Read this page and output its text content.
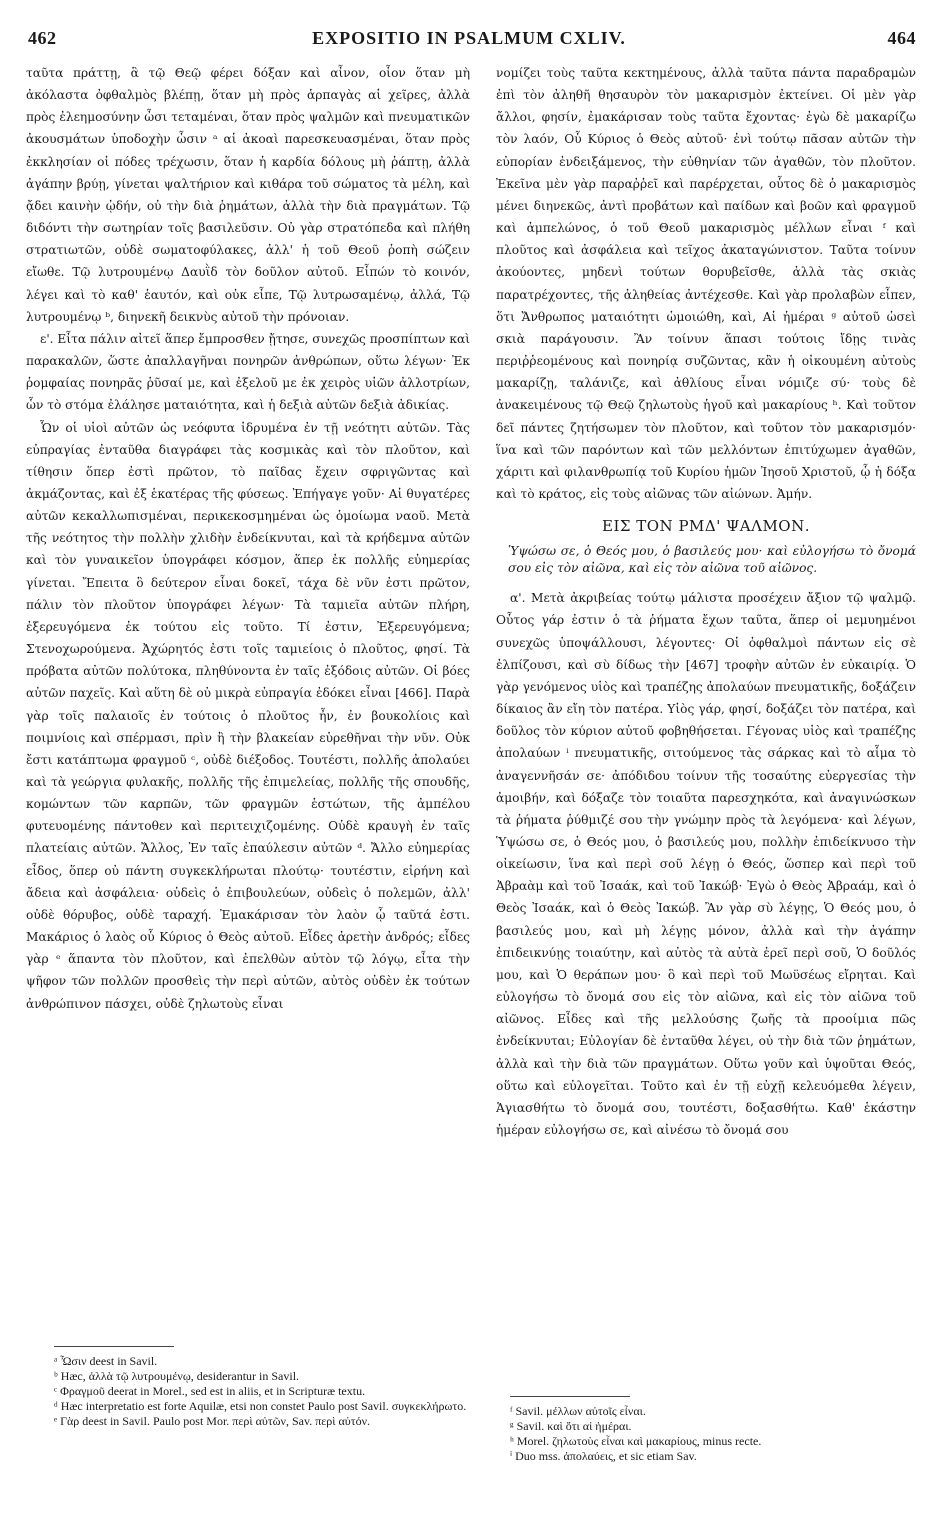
462	EXPOSITIO IN PSALMUM CXLIV.	464

ταῦτα πράττῃ, ἃ τῷ Θεῷ φέρει δόξαν καὶ αἶνον, οἷον ὅταν μὴ ἀκόλαστα ὀφθαλμὸς βλέπῃ, ὅταν μὴ πρὸς ἁρπαγὰς αἱ χεῖρες, ἀλλὰ πρὸς ἐλεημοσύνην ὦσι τεταμέναι, ὅταν πρὸς ψαλμῶν καὶ πνευματικῶν ἀκουσμάτων ὑποδοχὴν ὦσιν ᵃ αἱ ἀκοαὶ παρεσκευασμέναι, ὅταν πρὸς ἐκκλησίαν οἱ πόδες τρέχωσιν, ὅταν ἡ καρδία δόλους μὴ ῥάπτῃ, ἀλλὰ ἀγάπην βρύῃ, γίνεται ψαλτήριον καὶ κιθάρα τοῦ σώματος τὰ μέλη, καὶ ᾄδει καινὴν ᾠδήν, οὐ τὴν διὰ ῥημάτων, ἀλλὰ τὴν διὰ πραγμάτων. Τῷ διδόντι τὴν σωτηρίαν τοῖς βασιλεῦσιν. Οὐ γὰρ στρατόπεδα καὶ πλήθη στρατιωτῶν, οὐδὲ σωματοφύλακες, ἀλλ' ἡ τοῦ Θεοῦ ῥοπὴ σώζειν εἴωθε. Τῷ λυτρουμένῳ Δαυῒδ τὸν δοῦλον αὐτοῦ. Εἶπών τὸ κοινόν, λέγει καὶ τὸ καθ' ἑαυτόν, καὶ οὐκ εἶπε, Τῷ λυτρωσαμένῳ, ἀλλά, Τῷ λυτρουμένῳ ᵇ, διηνεκῆ δεικνὺς αὐτοῦ τὴν πρόνοιαν.

ε'. Εἶτα πάλιν αἰτεῖ ἅπερ ἔμπροσθεν ᾔτησε, συνεχῶς προσπίπτων καὶ παρακαλῶν, ὥστε ἀπαλλαγῆναι πονηρῶν ἀνθρώπων, οὕτω λέγων· Ἐκ ῥομφαίας πονηρᾶς ῥῦσαί με, καὶ ἐξελοῦ με ἐκ χειρὸς υἱῶν ἀλλοτρίων, ὧν τὸ στόμα ἐλάλησε ματαιότητα, καὶ ἡ δεξιὰ αὐτῶν δεξιὰ ἀδικίας.

Ὧν οἱ υἱοὶ αὐτῶν ὡς νεόφυτα ἱδρυμένα ἐν τῇ νεότητι αὐτῶν. Τὰς εὐπραγίας ἐνταῦθα διαγράφει τὰς κοσμικὰς καὶ τὸν πλοῦτον, καὶ τίθησιν ὅπερ ἐστὶ πρῶτον, τὸ παῖδας ἔχειν σφριγῶντας καὶ ἀκμάζοντας, καὶ ἐξ ἑκατέρας τῆς φύσεως. Ἐπήγαγε γοῦν· Αἱ θυγατέρες αὐτῶν κεκαλλωπισμέναι, περικεκοσμημέναι ὡς ὁμοίωμα ναοῦ. Μετὰ τῆς νεότητος τὴν πολλὴν χλιδὴν ἐνδείκνυται, καὶ τὰ κρήδεμνα αὐτῶν καὶ τὸν γυναικεῖον ὑπογράφει κόσμον, ἅπερ ἐκ πολλῆς εὐημερίας γίνεται. Ἔπειτα ὃ δεύτερον εἶναι δοκεῖ, τάχα δὲ νῦν ἐστι πρῶτον, πάλιν τὸν πλοῦτον ὑπογράφει λέγων· Τὰ ταμιεῖα αὐτῶν πλήρη, ἐξερευγόμενα ἐκ τούτου εἰς τοῦτο. Τί ἐστιν, Ἐξερευγόμενα; Στενοχωρούμενα. Ἀχώρητός ἐστι τοῖς ταμιείοις ὁ πλοῦτος, φησί. Τὰ πρόβατα αὐτῶν πολύτοκα, πληθύνοντα ἐν ταῖς ἐξόδοις αὐτῶν. Οἱ βόες αὐτῶν παχεῖς. Καὶ αὕτη δὲ οὐ μικρὰ εὐπραγία ἐδόκει εἶναι [466]. Παρὰ γὰρ τοῖς παλαιοῖς ἐν τούτοις ὁ πλοῦτος ἦν, ἐν βουκολίοις καὶ ποιμνίοις καὶ σπέρμασι, πρὶν ἢ τὴν βλακείαν εὑρεθῆναι τὴν νῦν. Οὐκ ἔστι κατάπτωμα φραγμοῦ ᶜ, οὐδὲ διέξοδος. Τουτέστι, πολλῆς ἀπολαύει καὶ τὰ γεώργια φυλακῆς, πολλῆς τῆς ἐπιμελείας, πολλῆς τῆς σπουδῆς, κομώντων τῶν καρπῶν, τῶν φραγμῶν ἑστώτων, τῆς ἀμπέλου φυτευομένης πάντοθεν καὶ περιτειχιζομένης. Οὐδὲ κραυγὴ ἐν ταῖς πλατείαις αὐτῶν. Ἄλλος, Ἐν ταῖς ἐπαύλεσιν αὐτῶν ᵈ. Ἄλλο εὐημερίας εἶδος, ὅπερ οὐ πάντη συγκεκλήρωται πλούτῳ· τουτέστιν, εἰρήνη καὶ ἄδεια καὶ ἀσφάλεια· οὐδεὶς ὁ ἐπιβουλεύων, οὐδεὶς ὁ πολεμῶν, ἀλλ' οὐδὲ θόρυβος, οὐδὲ ταραχή. Ἐμακάρισαν τὸν λαὸν ᾧ ταῦτά ἐστι. Μακάριος ὁ λαὸς οὗ Κύριος ὁ Θεὸς αὐτοῦ. Εἶδες ἀρετὴν ἀνδρός; εἶδες γὰρ ᵉ ἅπαντα τὸν πλοῦτον, καὶ ἐπελθὼν αὐτὸν τῷ λόγῳ, εἶτα τὴν ψῆφον τῶν πολλῶν προσθεὶς τὴν περὶ αὐτῶν, αὐτὸς οὐδὲν ἐκ τούτων ἀνθρώπινον πάσχει, οὐδὲ ζηλωτοὺς εἶναι

νομίζει τοὺς ταῦτα κεκτημένους, ἀλλὰ ταῦτα πάντα παραδραμὼν ἐπὶ τὸν ἀληθῆ θησαυρὸν τὸν μακαρισμὸν ἐκτείνει. Οἱ μὲν γὰρ ἄλλοι, φησίν, ἐμακάρισαν τοὺς ταῦτα ἔχοντας· ἐγὼ δὲ μακαρίζω τὸν λαόν, Οὗ Κύριος ὁ Θεὸς αὐτοῦ· ἐνὶ τούτῳ πᾶσαν αὐτῶν τὴν εὐπορίαν ἐνδειξάμενος, τὴν εὐθηνίαν τῶν ἀγαθῶν, τὸν πλοῦτον. Ἐκεῖνα μὲν γὰρ παραῤῥεῖ καὶ παρέρχεται, οὗτος δὲ ὁ μακαρισμὸς μένει διηνεκῶς, ἀντὶ προβάτων καὶ παίδων καὶ βοῶν καὶ φραγμοῦ καὶ ἀμπελώνος, ὁ τοῦ Θεοῦ μακαρισμὸς μέλλων εἶναι ᶠ καὶ πλοῦτος καὶ ἀσφάλεια καὶ τεῖχος ἀκαταγώνιστον. Ταῦτα τοίνυν ἀκούοντες, μηδενὶ τούτων θορυβεῖσθε, ἀλλὰ τὰς σκιὰς παρατρέχοντες, τῆς ἀληθείας ἀντέχεσθε. Καὶ γὰρ προλαβὼν εἶπεν, ὅτι Ἄνθρωπος ματαιότητι ὡμοιώθη, καὶ, Αἱ ἡμέραι ᵍ αὐτοῦ ὡσεὶ σκιὰ παράγουσιν. Ἂν τοίνυν ἅπασι τούτοις ἴδῃς τινὰς περιῤῥεομένους καὶ πονηρίᾳ συζῶντας, κἂν ἡ οἰκουμένη αὐτοὺς μακαρίζῃ, ταλάνιζε, καὶ ἀθλίους εἶναι νόμιζε σύ· τοὺς δὲ ἀνακειμένους τῷ Θεῷ ζηλωτοὺς ἡγοῦ καὶ μακαρίους ʰ. Καὶ τοῦτον δεῖ πάντες ζητήσωμεν τὸν πλοῦτον, καὶ τοῦτον τὸν μακαρισμόν· ἵνα καὶ τῶν παρόντων καὶ τῶν μελλόντων ἐπιτύχωμεν ἀγαθῶν, χάριτι καὶ φιλανθρωπίᾳ τοῦ Κυρίου ἡμῶν Ἰησοῦ Χριστοῦ, ᾧ ἡ δόξα καὶ τὸ κράτος, εἰς τοὺς αἰῶνας τῶν αἰώνων. Ἀμήν.

ΕΙΣ ΤΟΝ ΡΜΔ' ΨΑΛΜΟΝ.
Ὑψώσω σε, ὁ Θεός μου, ὁ βασιλεύς μου· καὶ εὐλογήσω τὸ ὄνομά σου εἰς τὸν αἰῶνα, καὶ εἰς τὸν αἰῶνα τοῦ αἰῶνος.

α'. Μετὰ ἀκριβείας τούτῳ μάλιστα προσέχειν ἄξιον τῷ ψαλμῷ. Οὗτος γάρ ἐστιν ὁ τὰ ῥήματα ἔχων ταῦτα, ἅπερ οἱ μεμυημένοι συνεχῶς ὑποψάλλουσι, λέγοντες· Οἱ ὀφθαλμοὶ πάντων εἰς σὲ ἐλπίζουσι, καὶ σὺ δίδως τὴν [467] τροφὴν αὐτῶν ἐν εὐκαιρίᾳ. Ὁ γὰρ γενόμενος υἱὸς καὶ τραπέζης ἀπολαύων πνευματικῆς, δοξάζειν δίκαιος ἂν εἴη τὸν πατέρα. Υἱὸς γάρ, φησί, δοξάζει τὸν πατέρα, καὶ δοῦλος τὸν κύριον αὐτοῦ φοβηθήσεται. Γέγονας υἱὸς καὶ τραπέζης ἀπολαύων ⁱ πνευματικῆς, σιτούμενος τὰς σάρκας καὶ τὸ αἷμα τὸ ἀναγεννῆσάν σε· ἀπόδιδου τοίνυν τῆς τοσαύτης εὐεργεσίας τὴν ἀμοιβήν, καὶ δόξαζε τὸν τοιαῦτα παρεσχηκότα, καὶ ἀναγινώσκων τὰ ῥήματα ῥύθμιζέ σου τὴν γνώμην πρὸς τὰ λεγόμενα· καὶ λέγων, Ὑψώσω σε, ὁ Θεός μου, ὁ βασιλεύς μου, πολλὴν ἐπιδείκνυσο τὴν οἰκείωσιν, ἵνα καὶ περὶ σοῦ λέγῃ ὁ Θεός, ὥσπερ καὶ περὶ τοῦ Ἀβραὰμ καὶ τοῦ Ἰσαάκ, καὶ τοῦ Ἰακώβ· Ἐγὼ ὁ Θεὸς Ἀβραάμ, καὶ ὁ Θεὸς Ἰσαάκ, καὶ ὁ Θεὸς Ἰακώβ. Ἂν γὰρ σὺ λέγῃς, Ὁ Θεός μου, ὁ βασιλεύς μου, καὶ μὴ λέγῃς μόνον, ἀλλὰ καὶ τὴν ἀγάπην ἐπιδεικνύῃς τοιαύτην, καὶ αὐτὸς τὰ αὐτὰ ἐρεῖ περὶ σοῦ, Ὁ δοῦλός μου, καὶ Ὁ θεράπων μου· ὃ καὶ περὶ τοῦ Μωϋσέως εἴρηται. Καὶ εὐλογήσω τὸ ὄνομά σου εἰς τὸν αἰῶνα, καὶ εἰς τὸν αἰῶνα τοῦ αἰῶνος. Εἶδες καὶ τῆς μελλούσης ζωῆς τὰ προοίμια πῶς ἐνδείκνυται; Εὐλογίαν δὲ ἐνταῦθα λέγει, οὐ τὴν διὰ τῶν ῥημάτων, ἀλλὰ καὶ τὴν διὰ τῶν πραγμάτων. Οὕτω γοῦν καὶ ὑψοῦται Θεός, οὕτω καὶ εὐλογεῖται. Τοῦτο καὶ ἐν τῇ εὐχῇ κελευόμεθα λέγειν, Ἁγιασθήτω τὸ ὄνομά σου, τουτέστι, δοξασθήτω. Καθ' ἑκάστην ἡμέραν εὐλογήσω σε, καὶ αἰνέσω τὸ ὄνομά σου

ᵃ Ὦσιν deest in Savil.

ᵇ Hæc, ἀλλὰ τῷ λυτρουμένῳ, desiderantur in Savil.

ᶜ Φραγμοῦ deerat in Morel., sed est in aliis, et in Scripturæ textu.

ᵈ Hæc interpretatio est forte Aquilæ, etsi non constet Paulo post Savil. συγκεκλήρωτο.

ᵉ Γὰρ deest in Savil. Paulo post Mor. περὶ αὐτῶν, Sav. περὶ αὐτόν.

ᶠ Savil. μέλλων αὐτοῖς εἶναι.

ᵍ Savil. καὶ ὅτι αἱ ἡμέραι.

ʰ Morel. ζηλωτοὺς εἶναι καὶ μακαρίους, minus recte.

ⁱ Duo mss. ἀπολαύεις, et sic etiam Sav.
